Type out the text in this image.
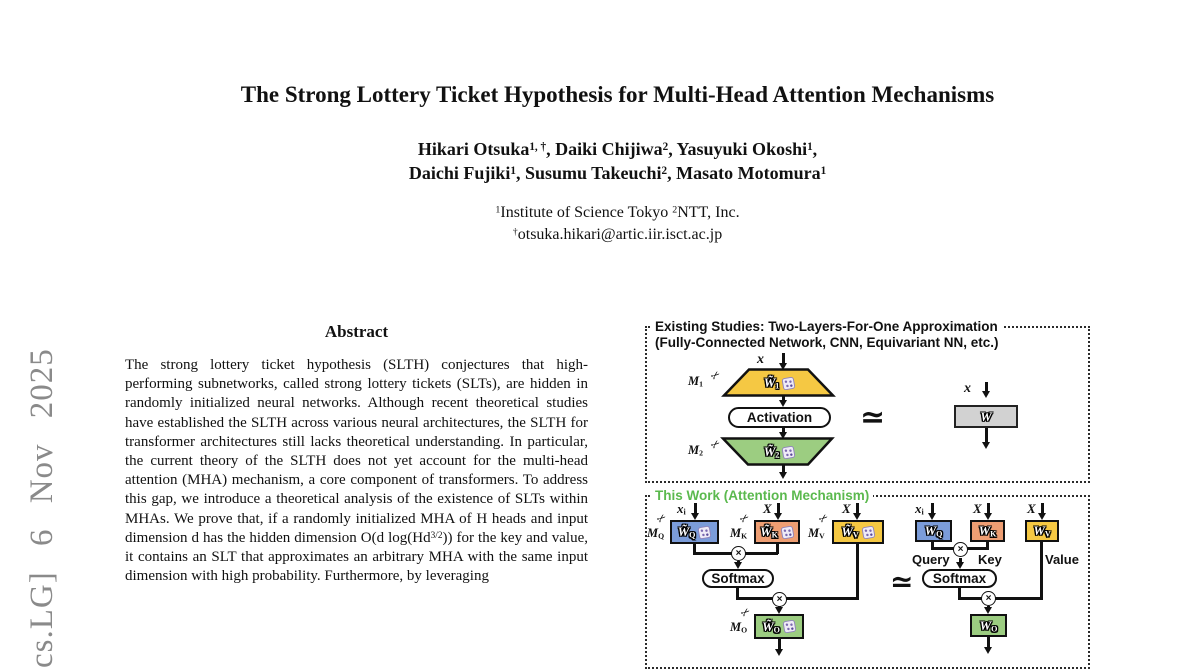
cs.LG] 6 Nov 2025
The Strong Lottery Ticket Hypothesis for Multi-Head Attention Mechanisms
Hikari Otsuka$^{1, \dagger}$, Daiki Chijiwa$^2$, Yasuyuki Okoshi$^1$,
Daichi Fujiki$^1$, Susumu Takeuchi$^2$, Masato Motomura$^1$
$^1$Institute of Science Tokyo $^2$NTT, Inc.
†otsuka.hikari@artic.iir.isct.ac.jp
Abstract
The strong lottery ticket hypothesis (SLTH) conjectures that high-performing subnetworks, called strong lottery tickets (SLTs), are hidden in randomly initialized neural networks. Although recent theoretical studies have established the SLTH across various neural architectures, the SLTH for transformer architectures still lacks theoretical understanding. In particular, the current theory of the SLTH does not yet account for the multi-head attention (MHA) mechanism, a core component of transformers. To address this gap, we introduce a theoretical analysis of the existence of SLTs within MHAs. We prove that, if a randomly initialized MHA of H heads and input dimension d has the hidden dimension O(d $\log(Hd^{3/2})$) for the key and value, it contains an SLT that approximates an arbitrary MHA with the same input dimension with high probability. Furthermore, by leveraging
Existing Studies: Two-Layers-For-One Approximation
(Fully-Connected Network, CNN, Equivariant NN, etc.)
x
$W̃_1$
$M_1$
✂
Activation
$W̃_2$
$M_2$
✂
≃
x
W
This Work (Attention Mechanism)
$x_i$	X	X
$W̃_Q$
✂
$M_Q$	$W̃_K$
✂
$M_K$	$W̃_V$
✂
$M_V$
×
Softmax
×
$W̃_O$
✂
$M_O$
≃
$x_i$	X	X
$W_Q$	$W_K$	$W_V$
×
Query Key	Value
Softmax
×
$W_O$
